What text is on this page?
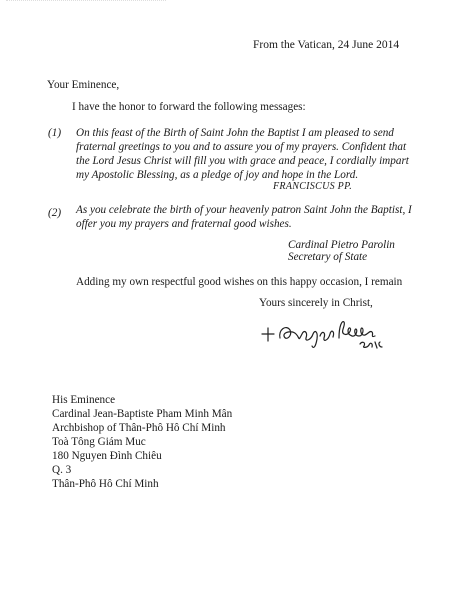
From the Vatican, 24 June 2014
Your Eminence,
I have the honor to forward the following messages:
(1) On this feast of the Birth of Saint John the Baptist I am pleased to send
fraternal greetings to you and to assure you of my prayers. Confident that
the Lord Jesus Christ will fill you with grace and peace, I cordially impart
my Apostolic Blessing, as a pledge of joy and hope in the Lord.
FRANCISCUS PP.
(2) As you celebrate the birth of your heavenly patron Saint John the Baptist, I
offer you my prayers and fraternal good wishes.
Cardinal Pietro Parolin
Secretary of State
Adding my own respectful good wishes on this happy occasion, I remain
Yours sincerely in Christ,
His Eminence
Cardinal Jean-Baptiste Pham Minh Mân
Archbishop of Thân-Phô Hô Chí Minh
Toà Tông Giám Muc
180 Nguyen Đình Chiêu
Q. 3
Thân-Phô Hô Chí Minh
